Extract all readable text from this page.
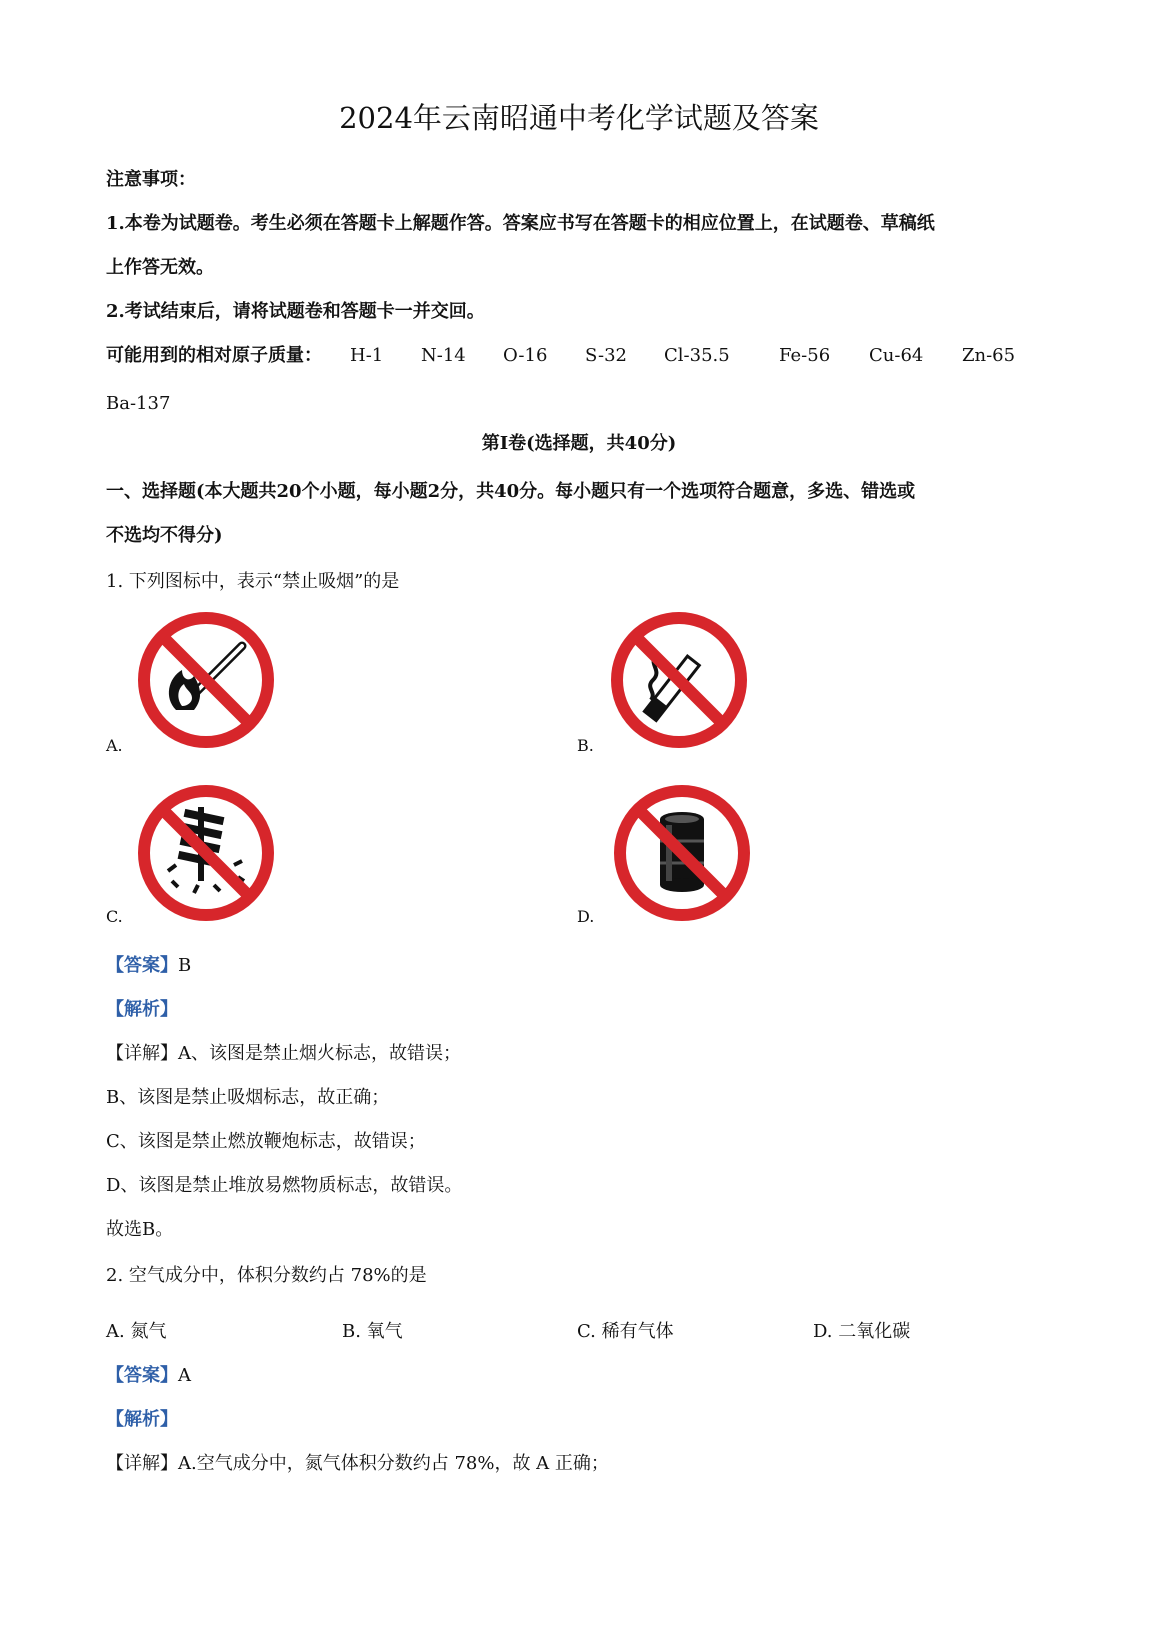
2024年云南昭通中考化学试题及答案
注意事项：
1.本卷为试题卷。考生必须在答题卡上解题作答。答案应书写在答题卡的相应位置上，在试题卷、草稿纸
上作答无效。
2.考试结束后，请将试题卷和答题卡一并交回。
可能用到的相对原子质量： H-1 N-14 O-16 S-32 Cl-35.5	Fe-56 Cu-64 Zn-65
Ba-137
第Ⅰ卷(选择题，共40分)
一、选择题(本大题共20个小题，每小题2分，共40分。每小题只有一个选项符合题意，多选、错选或
不选均不得分)
1. 下列图标中，表示“禁止吸烟”的是
A.	B.
C.	D.
【答案】B
【解析】
【详解】A、该图是禁止烟火标志，故错误；
B、该图是禁止吸烟标志，故正确；
C、该图是禁止燃放鞭炮标志，故错误；
D、该图是禁止堆放易燃物质标志，故错误。
故选B。
2. 空气成分中，体积分数约占 78%的是
A. 氮气	B. 氧气	C. 稀有气体	D. 二氧化碳
【答案】A
【解析】
【详解】A.空气成分中，氮气体积分数约占 78%，故 A 正确；
